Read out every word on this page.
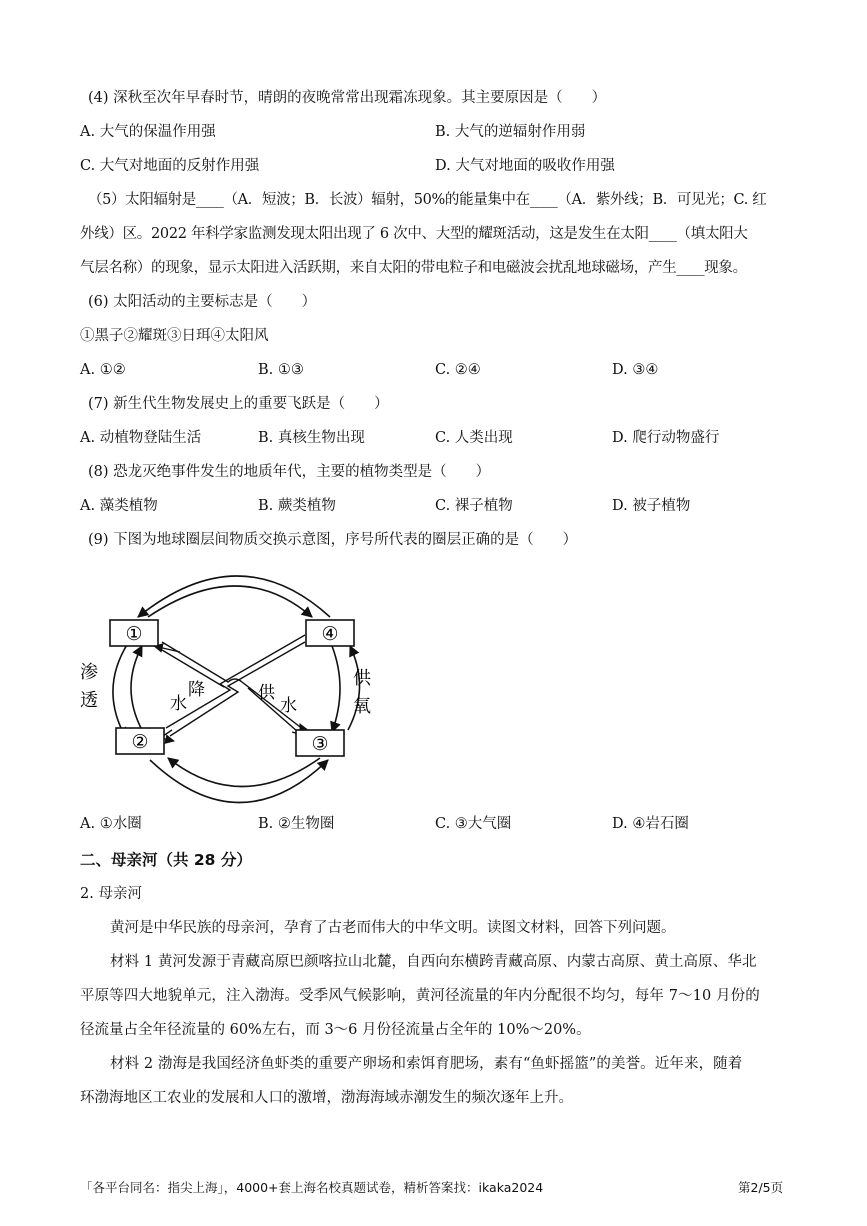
(4) 深秋至次年早春时节，晴朗的夜晚常常出现霜冻现象。其主要原因是（　　）
A. 大气的保温作用强	B. 大气的逆辐射作用弱
C. 大气对地面的反射作用强	D. 大气对地面的吸收作用强
（5）太阳辐射是____（A．短波；B．长波）辐射，50%的能量集中在____（A．紫外线；B．可见光；C. 红
外线）区。2022 年科学家监测发现太阳出现了 6 次中、大型的耀斑活动，这是发生在太阳____（填太阳大
气层名称）的现象，显示太阳进入活跃期，来自太阳的带电粒子和电磁波会扰乱地球磁场，产生____现象。
(6) 太阳活动的主要标志是（　　）
①黑子②耀斑③日珥④太阳风
A. ①②	B. ①③	C. ②④	D. ③④
(7) 新生代生物发展史上的重要飞跃是（　　）
A. 动植物登陆生活	B. 真核生物出现	C. 人类出现	D. 爬行动物盛行
(8) 恐龙灭绝事件发生的地质年代，主要的植物类型是（　　）
A. 藻类植物	B. 蕨类植物	C. 裸子植物	D. 被子植物
(9) 下图为地球圈层间物质交换示意图，序号所代表的圈层正确的是（　　）
①	④
②	③
渗
透
供
氧
水
降	供
水
A. ①水圈	B. ②生物圈	C. ③大气圈	D. ④岩石圈
二、母亲河（共 28 分）
2. 母亲河
黄河是中华民族的母亲河，孕育了古老而伟大的中华文明。读图文材料，回答下列问题。
材料 1 黄河发源于青藏高原巴颜喀拉山北麓，自西向东横跨青藏高原、内蒙古高原、黄土高原、华北
平原等四大地貌单元，注入渤海。受季风气候影响，黄河径流量的年内分配很不均匀，每年 7～10 月份的
径流量占全年径流量的 60%左右，而 3～6 月份径流量占全年的 10%～20%。
材料 2 渤海是我国经济鱼虾类的重要产卵场和索饵育肥场，素有“鱼虾摇篮”的美誉。近年来，随着
环渤海地区工农业的发展和人口的激增，渤海海域赤潮发生的频次逐年上升。
「各平台同名：指尖上海」，4000+套上海名校真题试卷，精析答案找：ikaka2024	第2/5页
